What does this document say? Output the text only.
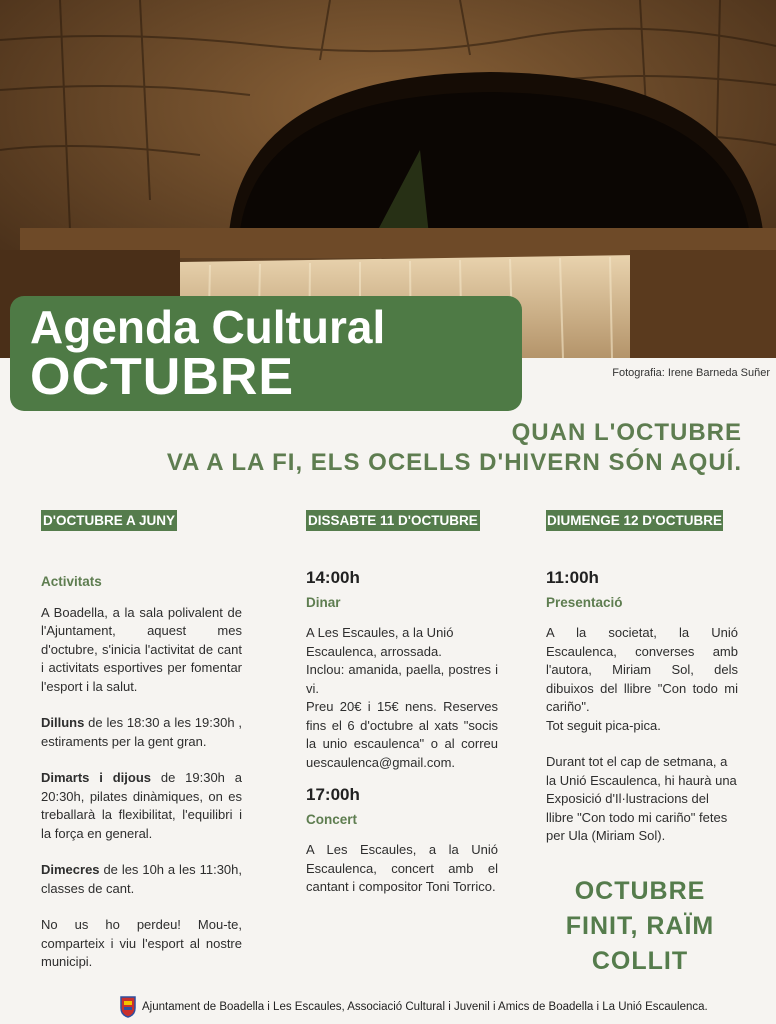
Agenda Cultural
OCTUBRE	Fotografia: Irene Barneda Suñer
QUAN L'OCTUBRE
VA A LA FI, ELS OCELLS D'HIVERN SÓN AQUÍ.
D'OCTUBRE A JUNY
Activitats

A Boadella, a la sala polivalent de l'Ajuntament, aquest mes d'octubre, s'inicia l'activitat de cant i activitats esportives per fomentar l'esport i la salut.

Dilluns de les 18:30 a les 19:30h , estiraments per la gent gran.

Dimarts i dijous de 19:30h a 20:30h, pilates dinàmiques, on es treballarà la flexibilitat, l'equilibri i la força en general.

Dimecres de les 10h a les 11:30h, classes de cant.

No us ho perdeu! Mou-te, comparteix i viu l'esport al nostre municipi.

DISSABTE 11 D'OCTUBRE
14:00h
Dinar

A Les Escaules, a la Unió Escaulenca, arrossada.

Inclou: amanida, paella, postres i vi.

Preu 20€ i 15€ nens. Reserves fins el 6 d'octubre al xats "socis la unio escaulenca" o al correu uescaulenca@gmail.com.

17:00h
Concert

A Les Escaules, a la Unió Escaulenca, concert amb el cantant i compositor Toni Torrico.

DIUMENGE 12 D'OCTUBRE
11:00h
Presentació

A la societat, la Unió Escaulenca, converses amb l'autora, Miriam Sol, dels dibuixos del llibre "Con todo mi cariño".

Tot seguit pica-pica.

Durant tot el cap de setmana, a la Unió Escaulenca, hi haurà una Exposició d'Il·lustracions del llibre "Con todo mi cariño" fetes per Ula (Miriam Sol).

OCTUBRE
FINIT, RAÏM
COLLIT
Ajuntament de Boadella i Les Escaules, Associació Cultural i Juvenil i Amics de Boadella i La Unió Escaulenca.
